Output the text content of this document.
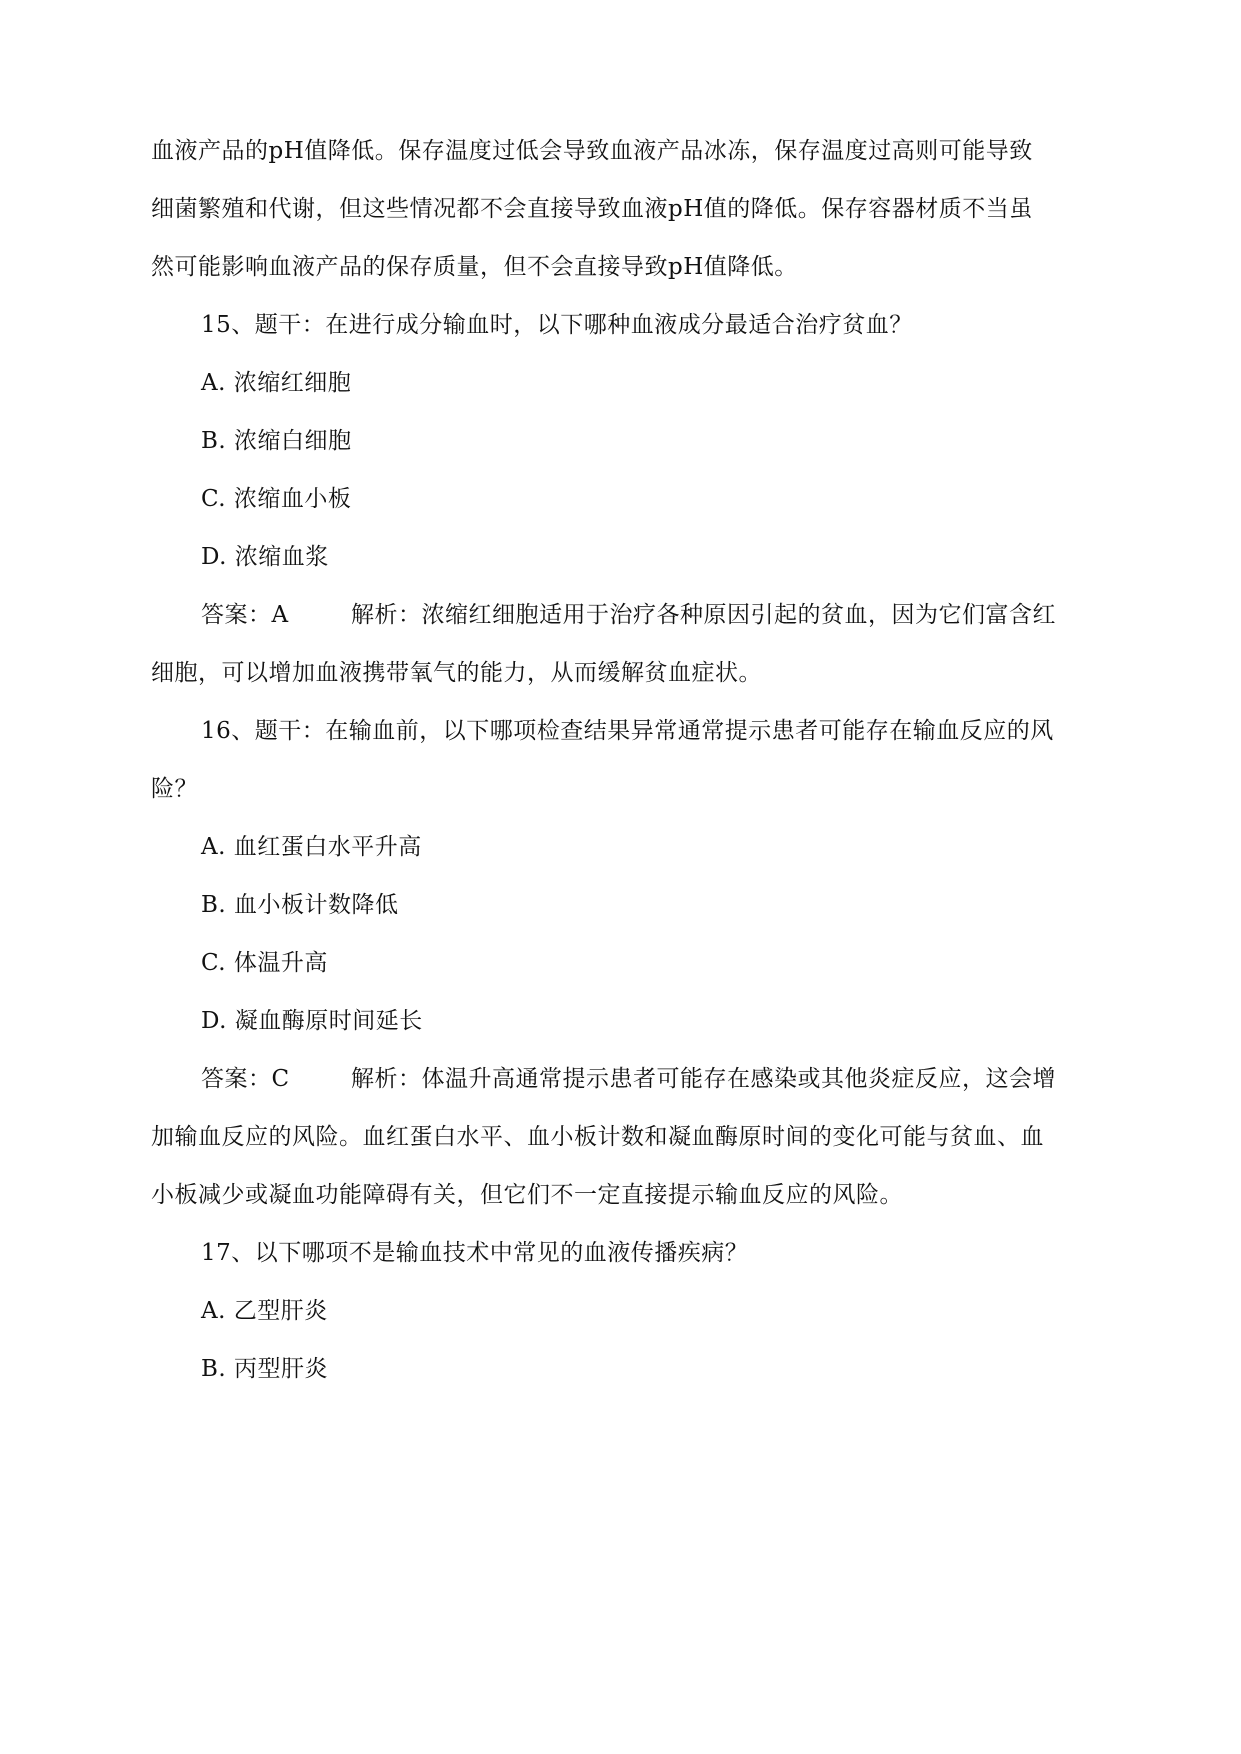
血液产品的pH值降低。保存温度过低会导致血液产品冰冻，保存温度过高则可能导致
细菌繁殖和代谢，但这些情况都不会直接导致血液pH值的降低。保存容器材质不当虽
然可能影响血液产品的保存质量，但不会直接导致pH值降低。
15、题干：在进行成分输血时，以下哪种血液成分最适合治疗贫血？
A. 浓缩红细胞
B. 浓缩白细胞
C. 浓缩血小板
D. 浓缩血浆
答案：A	解析：浓缩红细胞适用于治疗各种原因引起的贫血，因为它们富含红
细胞，可以增加血液携带氧气的能力，从而缓解贫血症状。
16、题干：在输血前，以下哪项检查结果异常通常提示患者可能存在输血反应的风
险？
A. 血红蛋白水平升高
B. 血小板计数降低
C. 体温升高
D. 凝血酶原时间延长
答案：C	解析：体温升高通常提示患者可能存在感染或其他炎症反应，这会增
加输血反应的风险。血红蛋白水平、血小板计数和凝血酶原时间的变化可能与贫血、血
小板减少或凝血功能障碍有关，但它们不一定直接提示输血反应的风险。
17、以下哪项不是输血技术中常见的血液传播疾病？
A. 乙型肝炎
B. 丙型肝炎
